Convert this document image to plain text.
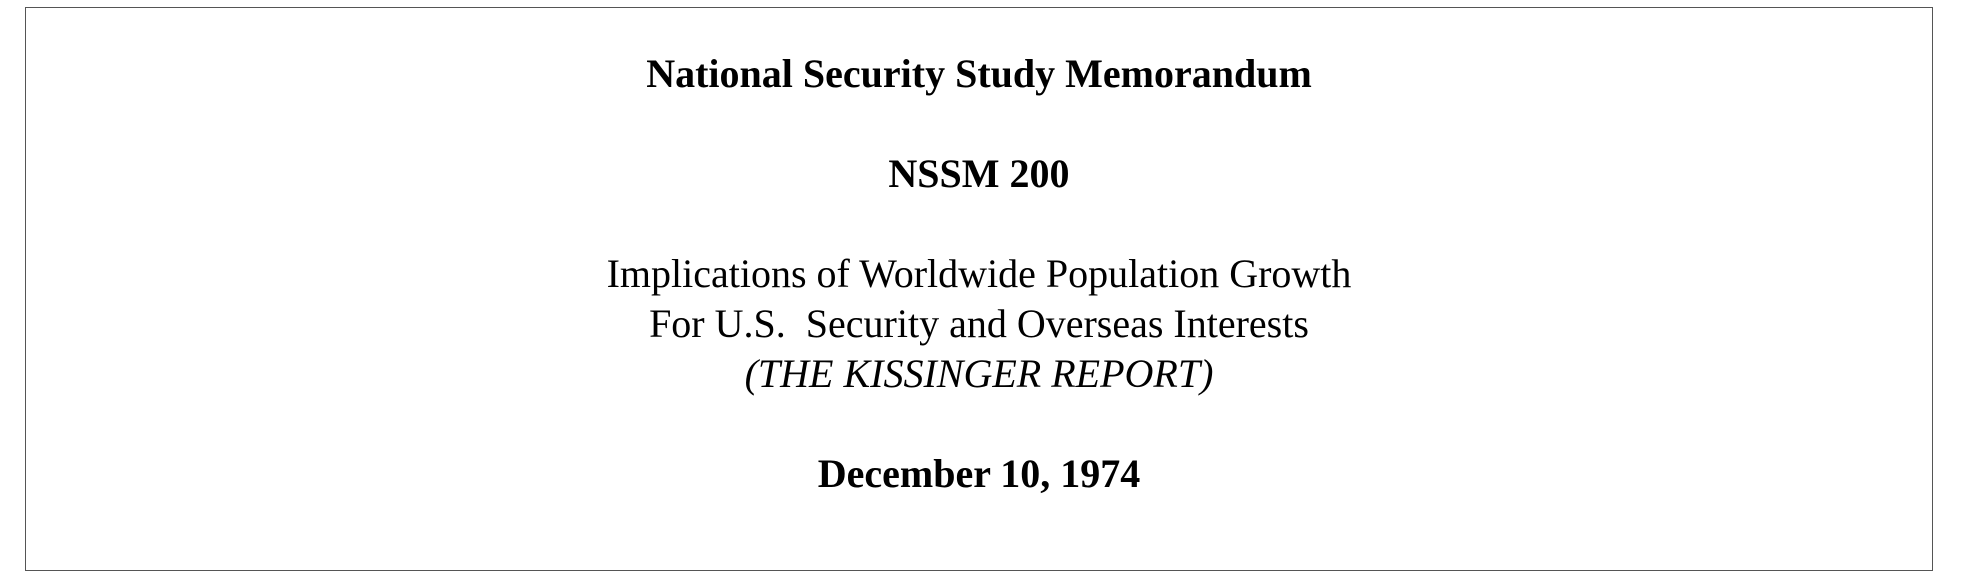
National Security Study Memorandum
NSSM 200
Implications of Worldwide Population Growth
For U.S.  Security and Overseas Interests
(THE KISSINGER REPORT)
December 10, 1974
